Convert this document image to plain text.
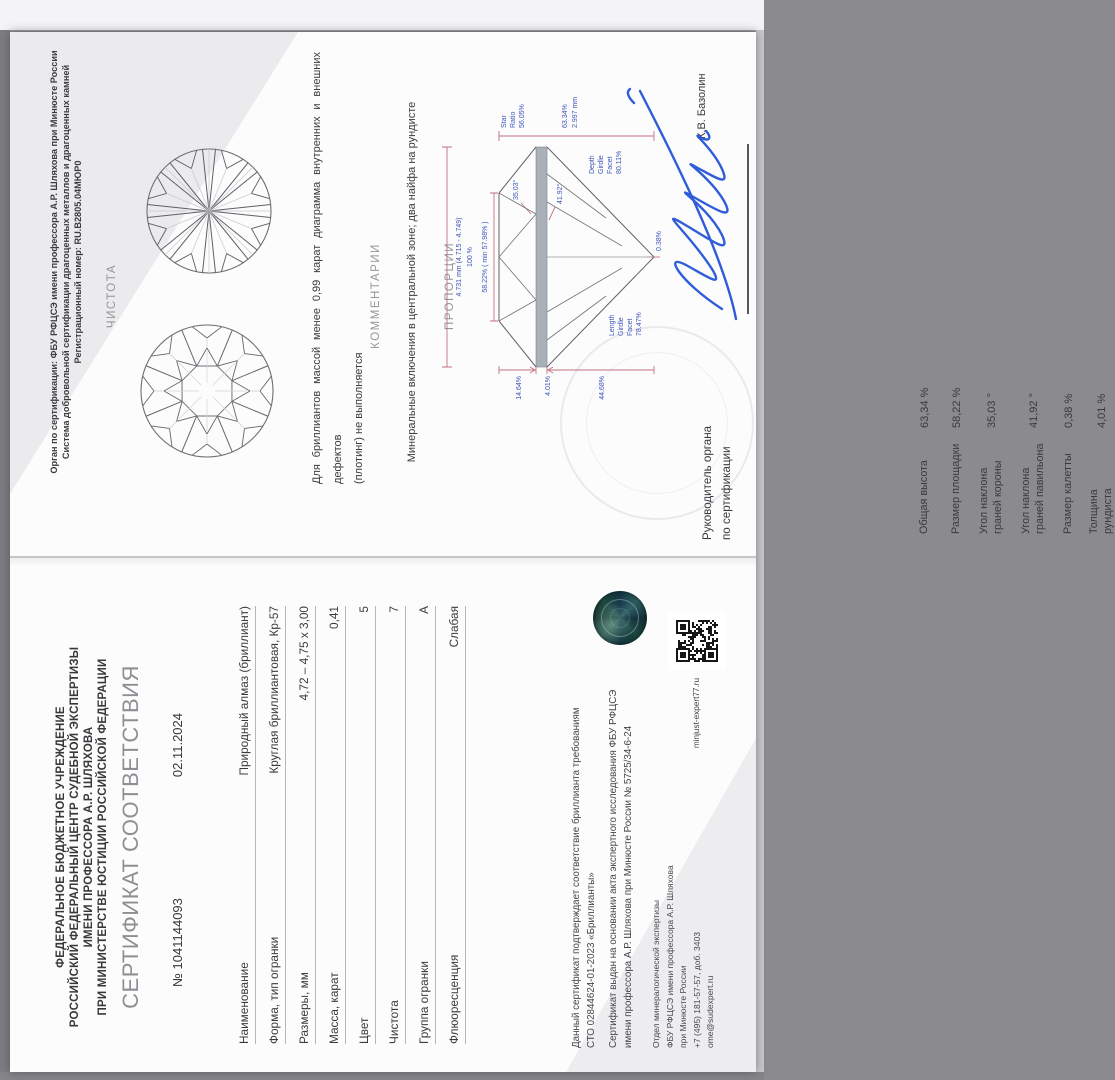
ФЕДЕРАЛЬНОЕ БЮДЖЕТНОЕ УЧРЕЖДЕНИЕ РОССИЙСКИЙ ФЕДЕРАЛЬНЫЙ ЦЕНТР СУДЕБНОЙ ЭКСПЕРТИЗЫ ИМЕНИ ПРОФЕССОРА А.Р. ШЛЯХОВА ПРИ МИНИСТЕРСТВЕ ЮСТИЦИИ РОССИЙСКОЙ ФЕДЕРАЦИИ СЕРТИФИКАТ СООТВЕТСТВИЯ № 1041144093
02.11.2024
Наименование
Природный алмаз (бриллиант)
Форма, тип огранки
Круглая бриллиантовая, Кр-57
Размеры, мм
4,72 – 4,75 х 3,00
Масса, карат
0,41
Цвет
5
Чистота
7
Группа огранки
А
Флюоресценция
Слабая
Данный сертификат подтверждает соответствие бриллианта требованиям СТО 02844624-01-2023 «Бриллианты» Сертификат выдан на основании акта экспертного исследования ФБУ РФЦСЭ имени профессора А.Р. Шляхова при Минюсте России № 5725/34-6-24 Отдел минералогической экспертизы ФБУ РФЦСЭ имени профессора А.Р. Шляхова при Минюсте России +7 (495) 181-57-57, доб. 3403 ome@sudexpert.ru
minjust-expert77.ru
Орган по сертификации: ФБУ РФЦСЭ имени профессора А.Р. Шляхова при Минюсте России Система добровольной сертификации драгоценных металлов и драгоценных камней Регистрационный номер: RU.В2805.04МЮР0 ЧИСТОТА	Для бриллиантов массой менее 0,99 карат диаграмма внутренних и внешних дефектов (плотинг) не выполняется
КОММЕНТАРИИ Минеральные включения в центральной зоне; два найфа на рундисте ПРОПОРЦИИ
Общая высота
63,34 %
Размер площадки
58,22 %
Угол наклона граней короны
35,03 °
Угол наклона граней павильона
41,92 °
Размер калетты
0,38 %
Толщина рундиста
4,01 %
4.731 mm (4.715 - 4.749) 100 % 58.22% ( min 57.98% )
Star Ratio 56.05%	63.34% 2.997 mm
Depth Girdle Facet 80.11%
Length Girdle Facet 78.47%
35.03°	41.92°
14.64%	4.01%	44.68%
0.38%
Руководитель органа по сертификации
К.В. Базолин
